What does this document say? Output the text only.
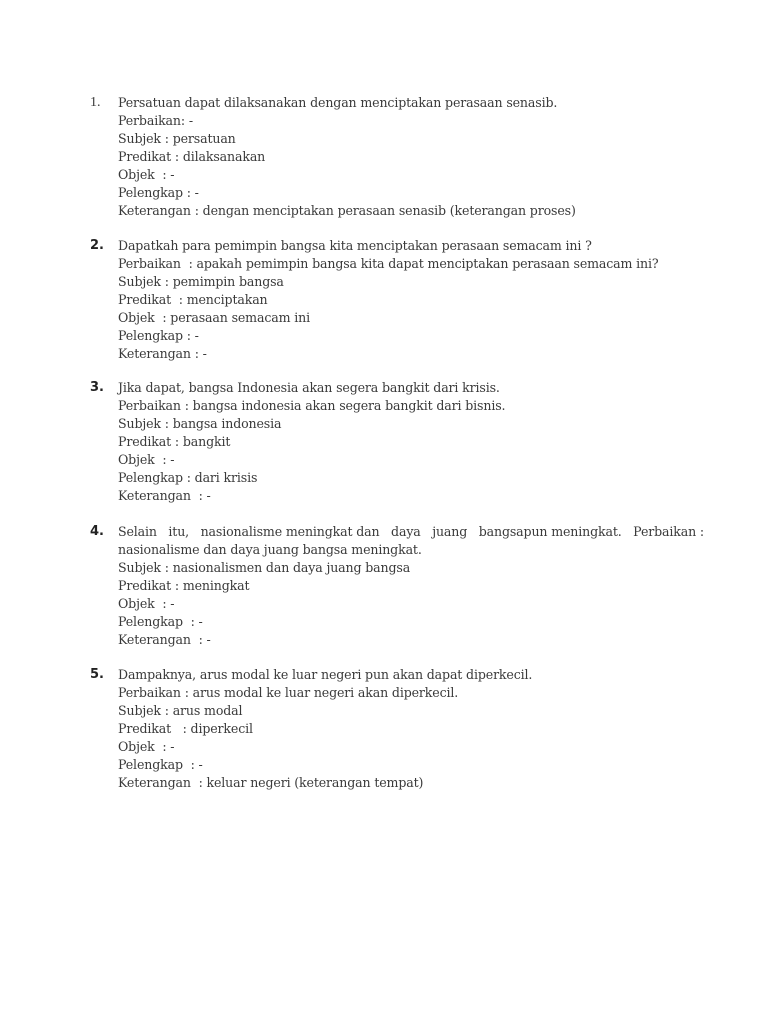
1. Persatuan dapat dilaksanakan dengan menciptakan perasaan senasib.
Perbaikan: -
Subjek : persatuan
Predikat : dilaksanakan
Objek  : -
Pelengkap : -
Keterangan : dengan menciptakan perasaan senasib (keterangan proses)
2. Dapatkah para pemimpin bangsa kita menciptakan perasaan semacam ini ?
Perbaikan  : apakah pemimpin bangsa kita dapat menciptakan perasaan semacam ini?
Subjek : pemimpin bangsa
Predikat  : menciptakan
Objek  : perasaan semacam ini
Pelengkap : -
Keterangan : -
3. Jika dapat, bangsa Indonesia akan segera bangkit dari krisis.
Perbaikan : bangsa indonesia akan segera bangkit dari bisnis.
Subjek : bangsa indonesia
Predikat : bangkit
Objek  : -
Pelengkap : dari krisis
Keterangan  : -
4. Selain   itu,   nasionalisme meningkat dan   daya   juang   bangsapun meningkat.   Perbaikan :
nasionalisme dan daya juang bangsa meningkat.
Subjek : nasionalismen dan daya juang bangsa
Predikat : meningkat
Objek  : -
Pelengkap  : -
Keterangan  : -
5. Dampaknya, arus modal ke luar negeri pun akan dapat diperkecil.
Perbaikan : arus modal ke luar negeri akan diperkecil.
Subjek : arus modal
Predikat   : diperkecil
Objek  : -
Pelengkap  : -
Keterangan  : keluar negeri (keterangan tempat)
